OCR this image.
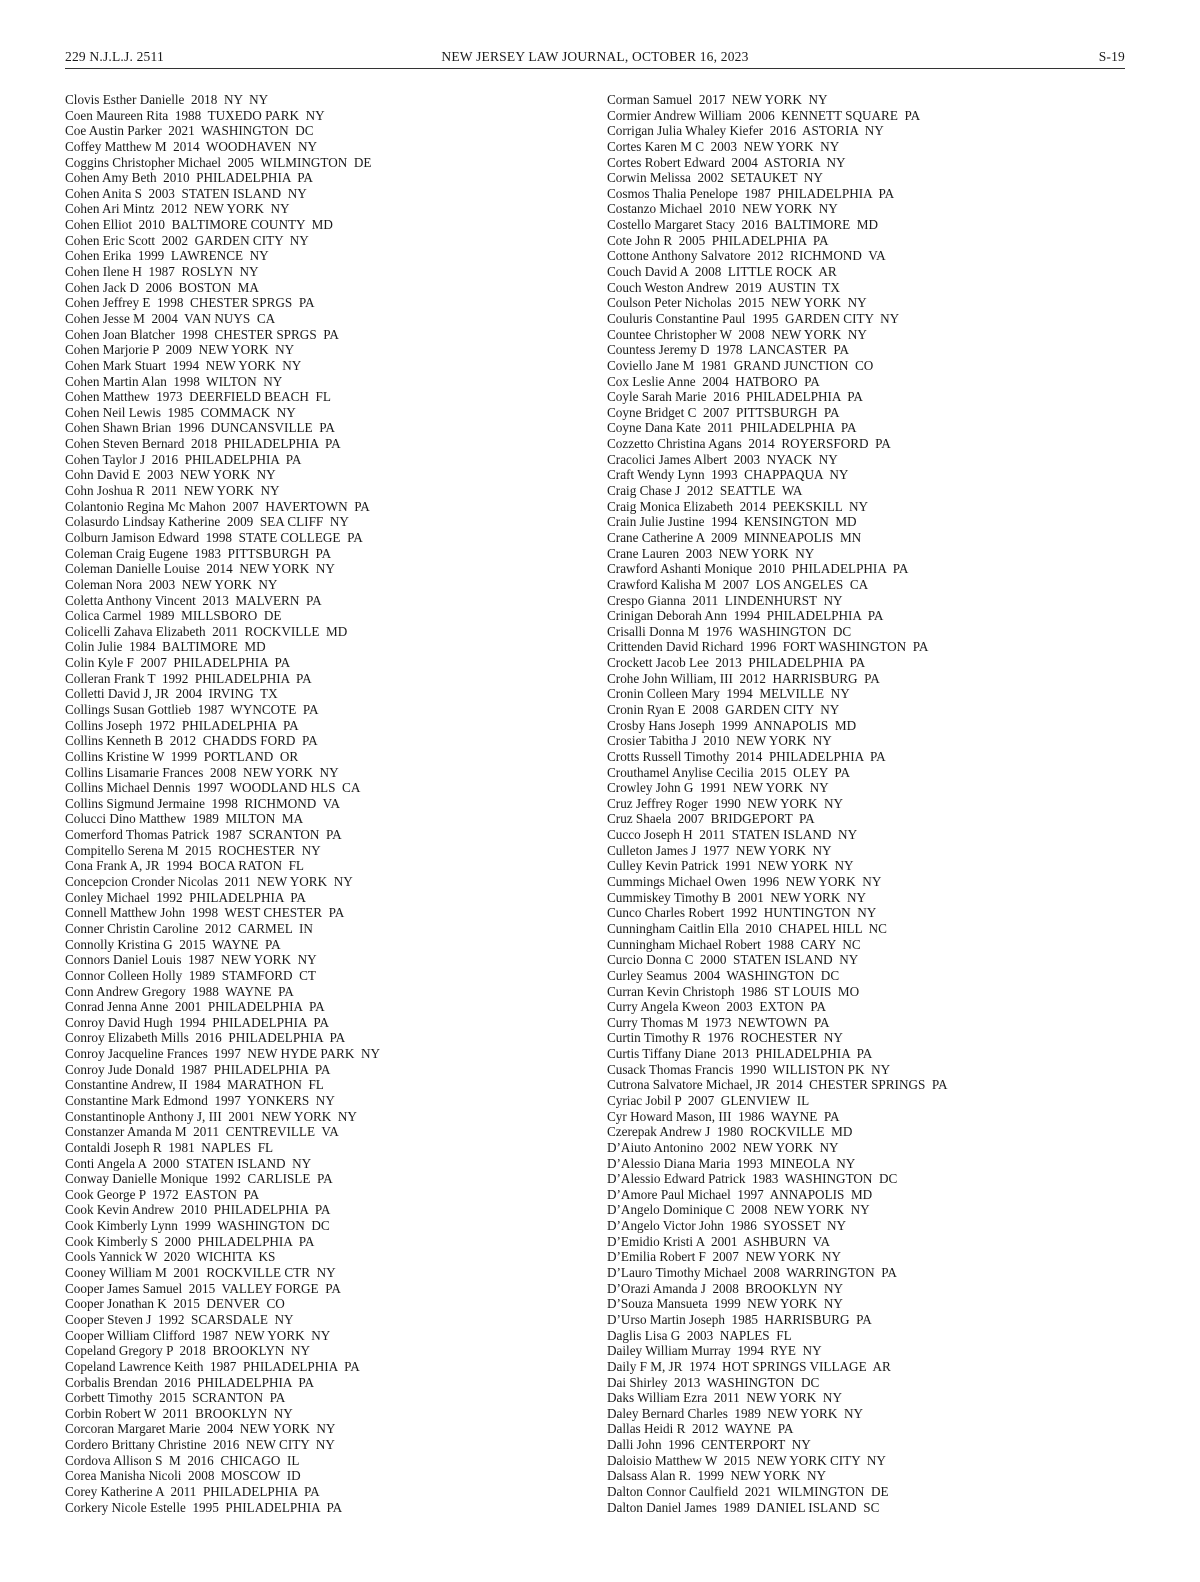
229 N.J.L.J. 2511	NEW JERSEY LAW JOURNAL, OCTOBER 16, 2023	S-19
Clovis Esther Danielle  2018  NY  NY
Coen Maureen Rita  1988  TUXEDO PARK  NY
Coe Austin Parker  2021  WASHINGTON  DC
Coffey Matthew M  2014  WOODHAVEN  NY
Coggins Christopher Michael  2005  WILMINGTON  DE
Cohen Amy Beth  2010  PHILADELPHIA  PA
Cohen Anita S  2003  STATEN ISLAND  NY
Cohen Ari Mintz  2012  NEW YORK  NY
Cohen Elliot  2010  BALTIMORE COUNTY  MD
Cohen Eric Scott  2002  GARDEN CITY  NY
Cohen Erika  1999  LAWRENCE  NY
Cohen Ilene H  1987  ROSLYN  NY
Cohen Jack D  2006  BOSTON  MA
Cohen Jeffrey E  1998  CHESTER SPRGS  PA
Cohen Jesse M  2004  VAN NUYS  CA
Cohen Joan Blatcher  1998  CHESTER SPRGS  PA
Cohen Marjorie P  2009  NEW YORK  NY
Cohen Mark Stuart  1994  NEW YORK  NY
Cohen Martin Alan  1998  WILTON  NY
Cohen Matthew  1973  DEERFIELD BEACH  FL
Cohen Neil Lewis  1985  COMMACK  NY
Cohen Shawn Brian  1996  DUNCANSVILLE  PA
Cohen Steven Bernard  2018  PHILADELPHIA  PA
Cohen Taylor J  2016  PHILADELPHIA  PA
Cohn David E  2003  NEW YORK  NY
Cohn Joshua R  2011  NEW YORK  NY
Colantonio Regina Mc Mahon  2007  HAVERTOWN  PA
Colasurdo Lindsay Katherine  2009  SEA CLIFF  NY
Colburn Jamison Edward  1998  STATE COLLEGE  PA
Coleman Craig Eugene  1983  PITTSBURGH  PA
Coleman Danielle Louise  2014  NEW YORK  NY
Coleman Nora  2003  NEW YORK  NY
Coletta Anthony Vincent  2013  MALVERN  PA
Colica Carmel  1989  MILLSBORO  DE
Colicelli Zahava Elizabeth  2011  ROCKVILLE  MD
Colin Julie  1984  BALTIMORE  MD
Colin Kyle F  2007  PHILADELPHIA  PA
Colleran Frank T  1992  PHILADELPHIA  PA
Colletti David J, JR  2004  IRVING  TX
Collings Susan Gottlieb  1987  WYNCOTE  PA
Collins Joseph  1972  PHILADELPHIA  PA
Collins Kenneth B  2012  CHADDS FORD  PA
Collins Kristine W  1999  PORTLAND  OR
Collins Lisamarie Frances  2008  NEW YORK  NY
Collins Michael Dennis  1997  WOODLAND HLS  CA
Collins Sigmund Jermaine  1998  RICHMOND  VA
Colucci Dino Matthew  1989  MILTON  MA
Comerford Thomas Patrick  1987  SCRANTON  PA
Compitello Serena M  2015  ROCHESTER  NY
Cona Frank A, JR  1994  BOCA RATON  FL
Concepcion Cronder Nicolas  2011  NEW YORK  NY
Conley Michael  1992  PHILADELPHIA  PA
Connell Matthew John  1998  WEST CHESTER  PA
Conner Christin Caroline  2012  CARMEL  IN
Connolly Kristina G  2015  WAYNE  PA
Connors Daniel Louis  1987  NEW YORK  NY
Connor Colleen Holly  1989  STAMFORD  CT
Conn Andrew Gregory  1988  WAYNE  PA
Conrad Jenna Anne  2001  PHILADELPHIA  PA
Conroy David Hugh  1994  PHILADELPHIA  PA
Conroy Elizabeth Mills  2016  PHILADELPHIA  PA
Conroy Jacqueline Frances  1997  NEW HYDE PARK  NY
Conroy Jude Donald  1987  PHILADELPHIA  PA
Constantine Andrew, II  1984  MARATHON  FL
Constantine Mark Edmond  1997  YONKERS  NY
Constantinople Anthony J, III  2001  NEW YORK  NY
Constanzer Amanda M  2011  CENTREVILLE  VA
Contaldi Joseph R  1981  NAPLES  FL
Conti Angela A  2000  STATEN ISLAND  NY
Conway Danielle Monique  1992  CARLISLE  PA
Cook George P  1972  EASTON  PA
Cook Kevin Andrew  2010  PHILADELPHIA  PA
Cook Kimberly Lynn  1999  WASHINGTON  DC
Cook Kimberly S  2000  PHILADELPHIA  PA
Cools Yannick W  2020  WICHITA  KS
Cooney William M  2001  ROCKVILLE CTR  NY
Cooper James Samuel  2015  VALLEY FORGE  PA
Cooper Jonathan K  2015  DENVER  CO
Cooper Steven J  1992  SCARSDALE  NY
Cooper William Clifford  1987  NEW YORK  NY
Copeland Gregory P  2018  BROOKLYN  NY
Copeland Lawrence Keith  1987  PHILADELPHIA  PA
Corbalis Brendan  2016  PHILADELPHIA  PA
Corbett Timothy  2015  SCRANTON  PA
Corbin Robert W  2011  BROOKLYN  NY
Corcoran Margaret Marie  2004  NEW YORK  NY
Cordero Brittany Christine  2016  NEW CITY  NY
Cordova Allison S  M  2016  CHICAGO  IL
Corea Manisha Nicoli  2008  MOSCOW  ID
Corey Katherine A  2011  PHILADELPHIA  PA
Corkery Nicole Estelle  1995  PHILADELPHIA  PA
Corman Samuel  2017  NEW YORK  NY
Cormier Andrew William  2006  KENNETT SQUARE  PA
Corrigan Julia Whaley Kiefer  2016  ASTORIA  NY
Cortes Karen M C  2003  NEW YORK  NY
Cortes Robert Edward  2004  ASTORIA  NY
Corwin Melissa  2002  SETAUKET  NY
Cosmos Thalia Penelope  1987  PHILADELPHIA  PA
Costanzo Michael  2010  NEW YORK  NY
Costello Margaret Stacy  2016  BALTIMORE  MD
Cote John R  2005  PHILADELPHIA  PA
Cottone Anthony Salvatore  2012  RICHMOND  VA
Couch David A  2008  LITTLE ROCK  AR
Couch Weston Andrew  2019  AUSTIN  TX
Coulson Peter Nicholas  2015  NEW YORK  NY
Couluris Constantine Paul  1995  GARDEN CITY  NY
Countee Christopher W  2008  NEW YORK  NY
Countess Jeremy D  1978  LANCASTER  PA
Coviello Jane M  1981  GRAND JUNCTION  CO
Cox Leslie Anne  2004  HATBORO  PA
Coyle Sarah Marie  2016  PHILADELPHIA  PA
Coyne Bridget C  2007  PITTSBURGH  PA
Coyne Dana Kate  2011  PHILADELPHIA  PA
Cozzetto Christina Agans  2014  ROYERSFORD  PA
Cracolici James Albert  2003  NYACK  NY
Craft Wendy Lynn  1993  CHAPPAQUA  NY
Craig Chase J  2012  SEATTLE  WA
Craig Monica Elizabeth  2014  PEEKSKILL  NY
Crain Julie Justine  1994  KENSINGTON  MD
Crane Catherine A  2009  MINNEAPOLIS  MN
Crane Lauren  2003  NEW YORK  NY
Crawford Ashanti Monique  2010  PHILADELPHIA  PA
Crawford Kalisha M  2007  LOS ANGELES  CA
Crespo Gianna  2011  LINDENHURST  NY
Crinigan Deborah Ann  1994  PHILADELPHIA  PA
Crisalli Donna M  1976  WASHINGTON  DC
Crittenden David Richard  1996  FORT WASHINGTON  PA
Crockett Jacob Lee  2013  PHILADELPHIA  PA
Crohe John William, III  2012  HARRISBURG  PA
Cronin Colleen Mary  1994  MELVILLE  NY
Cronin Ryan E  2008  GARDEN CITY  NY
Crosby Hans Joseph  1999  ANNAPOLIS  MD
Crosier Tabitha J  2010  NEW YORK  NY
Crotts Russell Timothy  2014  PHILADELPHIA  PA
Crouthamel Anylise Cecilia  2015  OLEY  PA
Crowley John G  1991  NEW YORK  NY
Cruz Jeffrey Roger  1990  NEW YORK  NY
Cruz Shaela  2007  BRIDGEPORT  PA
Cucco Joseph H  2011  STATEN ISLAND  NY
Culleton James J  1977  NEW YORK  NY
Culley Kevin Patrick  1991  NEW YORK  NY
Cummings Michael Owen  1996  NEW YORK  NY
Cummiskey Timothy B  2001  NEW YORK  NY
Cunco Charles Robert  1992  HUNTINGTON  NY
Cunningham Caitlin Ella  2010  CHAPEL HILL  NC
Cunningham Michael Robert  1988  CARY  NC
Curcio Donna C  2000  STATEN ISLAND  NY
Curley Seamus  2004  WASHINGTON  DC
Curran Kevin Christoph  1986  ST LOUIS  MO
Curry Angela Kweon  2003  EXTON  PA
Curry Thomas M  1973  NEWTOWN  PA
Curtin Timothy R  1976  ROCHESTER  NY
Curtis Tiffany Diane  2013  PHILADELPHIA  PA
Cusack Thomas Francis  1990  WILLISTON PK  NY
Cutrona Salvatore Michael, JR  2014  CHESTER SPRINGS  PA
Cyriac Jobil P  2007  GLENVIEW  IL
Cyr Howard Mason, III  1986  WAYNE  PA
Czerepak Andrew J  1980  ROCKVILLE  MD
D’Aiuto Antonino  2002  NEW YORK  NY
D’Alessio Diana Maria  1993  MINEOLA  NY
D’Alessio Edward Patrick  1983  WASHINGTON  DC
D’Amore Paul Michael  1997  ANNAPOLIS  MD
D’Angelo Dominique C  2008  NEW YORK  NY
D’Angelo Victor John  1986  SYOSSET  NY
D’Emidio Kristi A  2001  ASHBURN  VA
D’Emilia Robert F  2007  NEW YORK  NY
D’Lauro Timothy Michael  2008  WARRINGTON  PA
D’Orazi Amanda J  2008  BROOKLYN  NY
D’Souza Mansueta  1999  NEW YORK  NY
D’Urso Martin Joseph  1985  HARRISBURG  PA
Daglis Lisa G  2003  NAPLES  FL
Dailey William Murray  1994  RYE  NY
Daily F M, JR  1974  HOT SPRINGS VILLAGE  AR
Dai Shirley  2013  WASHINGTON  DC
Daks William Ezra  2011  NEW YORK  NY
Daley Bernard Charles  1989  NEW YORK  NY
Dallas Heidi R  2012  WAYNE  PA
Dalli John  1996  CENTERPORT  NY
Daloisio Matthew W  2015  NEW YORK CITY  NY
Dalsass Alan R.  1999  NEW YORK  NY
Dalton Connor Caulfield  2021  WILMINGTON  DE
Dalton Daniel James  1989  DANIEL ISLAND  SC
